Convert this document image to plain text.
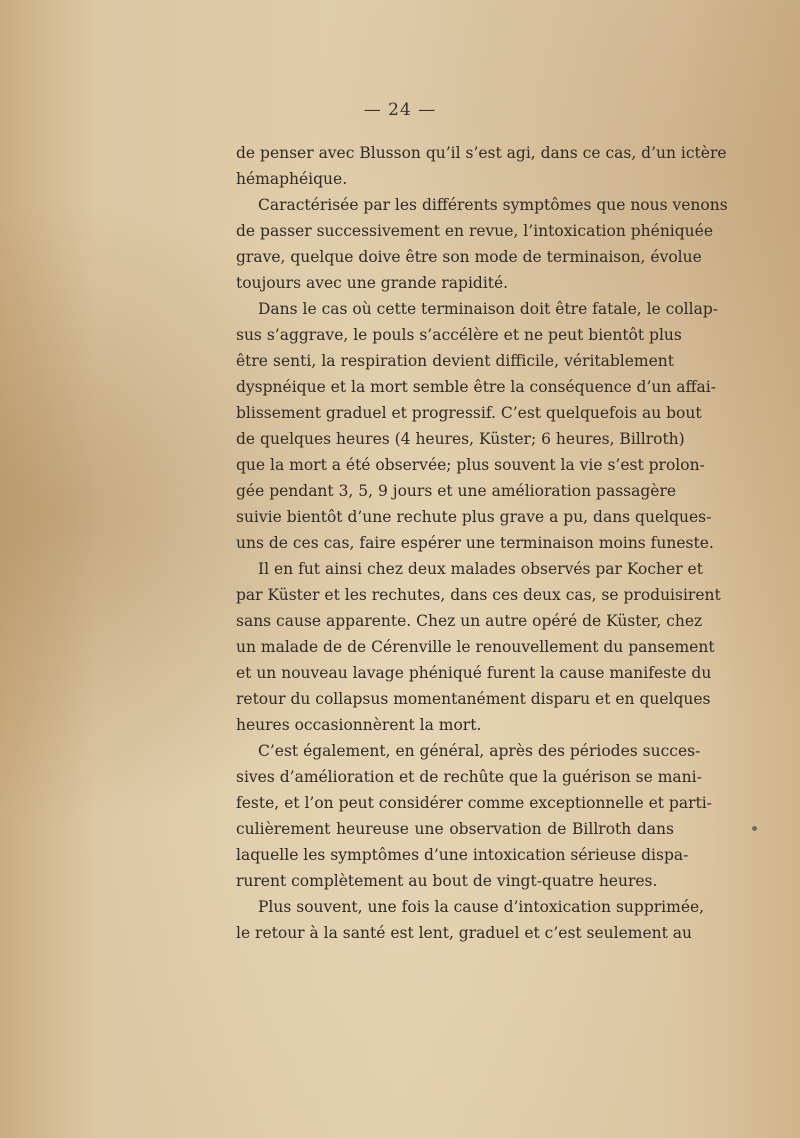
— 24 —
de penser avec Blusson qu’il s’est agi, dans ce cas, d’un ictère
hémaphéique.
Caractérisée par les différents symptômes que nous venons
de passer successivement en revue, l’intoxication phéniquée
grave, quelque doive être son mode de terminaison, évolue
toujours avec une grande rapidité.
Dans le cas où cette terminaison doit être fatale, le collap-
sus s’aggrave, le pouls s’accélère et ne peut bientôt plus
être senti, la respiration devient difficile, véritablement
dyspnéique et la mort semble être la conséquence d’un affai-
blissement graduel et progressif. C’est quelquefois au bout
de quelques heures (4 heures, Küster; 6 heures, Billroth)
que la mort a été observée; plus souvent la vie s’est prolon-
gée pendant 3, 5, 9 jours et une amélioration passagère
suivie bientôt d’une rechute plus grave a pu, dans quelques-
uns de ces cas, faire espérer une terminaison moins funeste.
Il en fut ainsi chez deux malades observés par Kocher et
par Küster et les rechutes, dans ces deux cas, se produisirent
sans cause apparente. Chez un autre opéré de Küster, chez
un malade de de Cérenville le renouvellement du pansement
et un nouveau lavage phéniqué furent la cause manifeste du
retour du collapsus momentanément disparu et en quelques
heures occasionnèrent la mort.
C’est également, en général, après des périodes succes-
sives d’amélioration et de rechûte que la guérison se mani-
feste, et l’on peut considérer comme exceptionnelle et parti-
culièrement heureuse une observation de Billroth dans
laquelle les symptômes d’une intoxication sérieuse dispa-
rurent complètement au bout de vingt-quatre heures.
Plus souvent, une fois la cause d’intoxication supprimée,
le retour à la santé est lent, graduel et c’est seulement au
